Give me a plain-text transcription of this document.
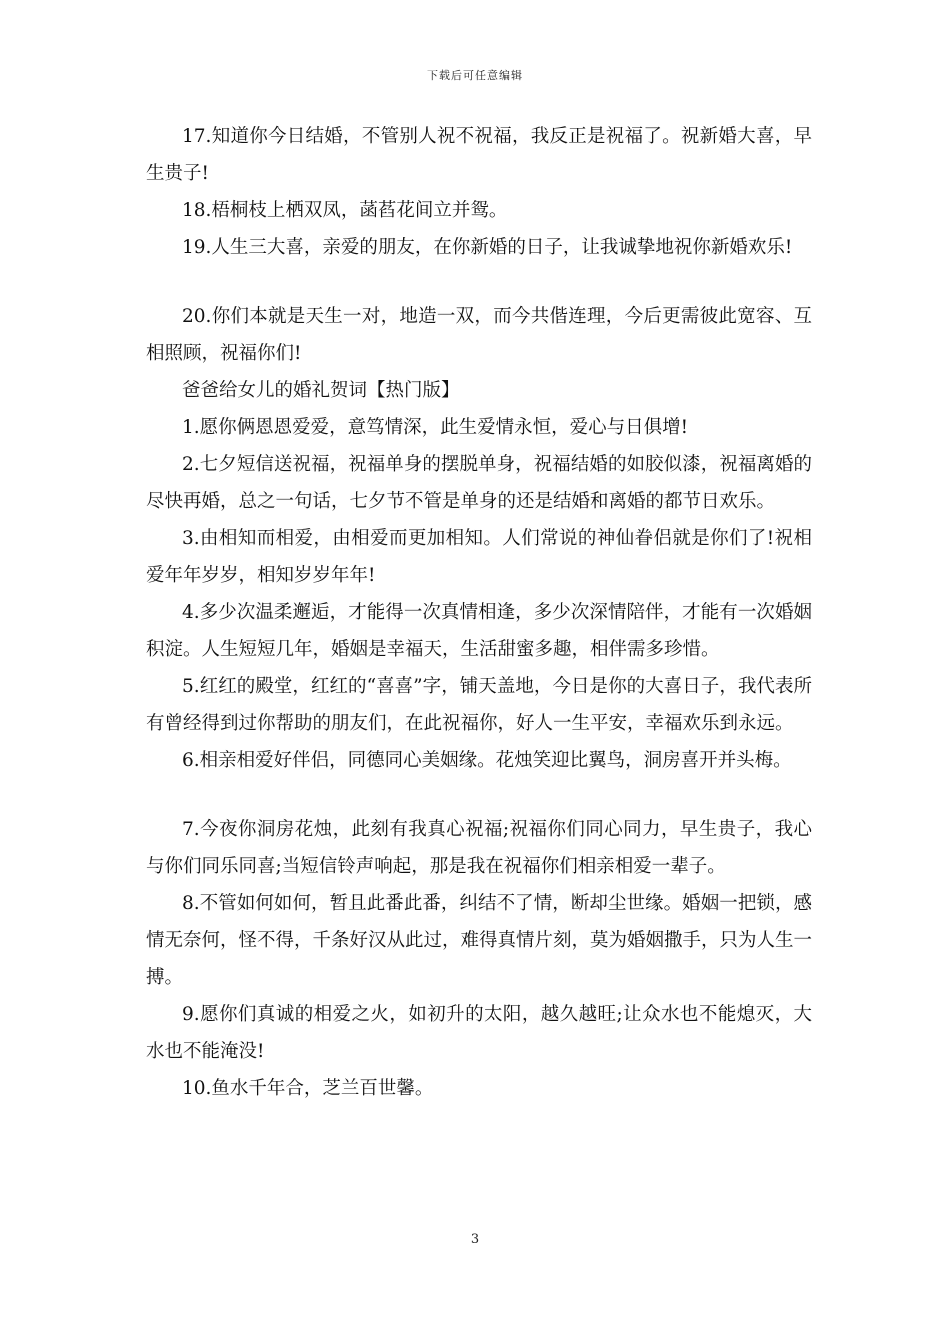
下载后可任意编辑

17.知道你今日结婚，不管别人祝不祝福，我反正是祝福了。祝新婚大喜，早生贵子!

18.梧桐枝上栖双凤，菡萏花间立并鸳。

19.人生三大喜，亲爱的朋友，在你新婚的日子，让我诚挚地祝你新婚欢乐!

20.你们本就是天生一对，地造一双，而今共偕连理，今后更需彼此宽容、互相照顾，祝福你们!

爸爸给女儿的婚礼贺词【热门版】

1.愿你俩恩恩爱爱，意笃情深，此生爱情永恒，爱心与日俱增!

2.七夕短信送祝福，祝福单身的摆脱单身，祝福结婚的如胶似漆，祝福离婚的尽快再婚，总之一句话，七夕节不管是单身的还是结婚和离婚的都节日欢乐。

3.由相知而相爱，由相爱而更加相知。人们常说的神仙眷侣就是你们了!祝相爱年年岁岁，相知岁岁年年!

4.多少次温柔邂逅，才能得一次真情相逢，多少次深情陪伴，才能有一次婚姻积淀。人生短短几年，婚姻是幸福天，生活甜蜜多趣，相伴需多珍惜。

5.红红的殿堂，红红的“喜喜”字，铺天盖地，今日是你的大喜日子，我代表所有曾经得到过你帮助的朋友们，在此祝福你，好人一生平安，幸福欢乐到永远。

6.相亲相爱好伴侣，同德同心美姻缘。花烛笑迎比翼鸟，洞房喜开并头梅。

7.今夜你洞房花烛，此刻有我真心祝福;祝福你们同心同力，早生贵子，我心与你们同乐同喜;当短信铃声响起，那是我在祝福你们相亲相爱一辈子。

8.不管如何如何，暂且此番此番，纠结不了情，断却尘世缘。婚姻一把锁，感情无奈何，怪不得，千条好汉从此过，难得真情片刻，莫为婚姻撒手，只为人生一搏。

9.愿你们真诚的相爱之火，如初升的太阳，越久越旺;让众水也不能熄灭，大水也不能淹没!

10.鱼水千年合，芝兰百世馨。

3
